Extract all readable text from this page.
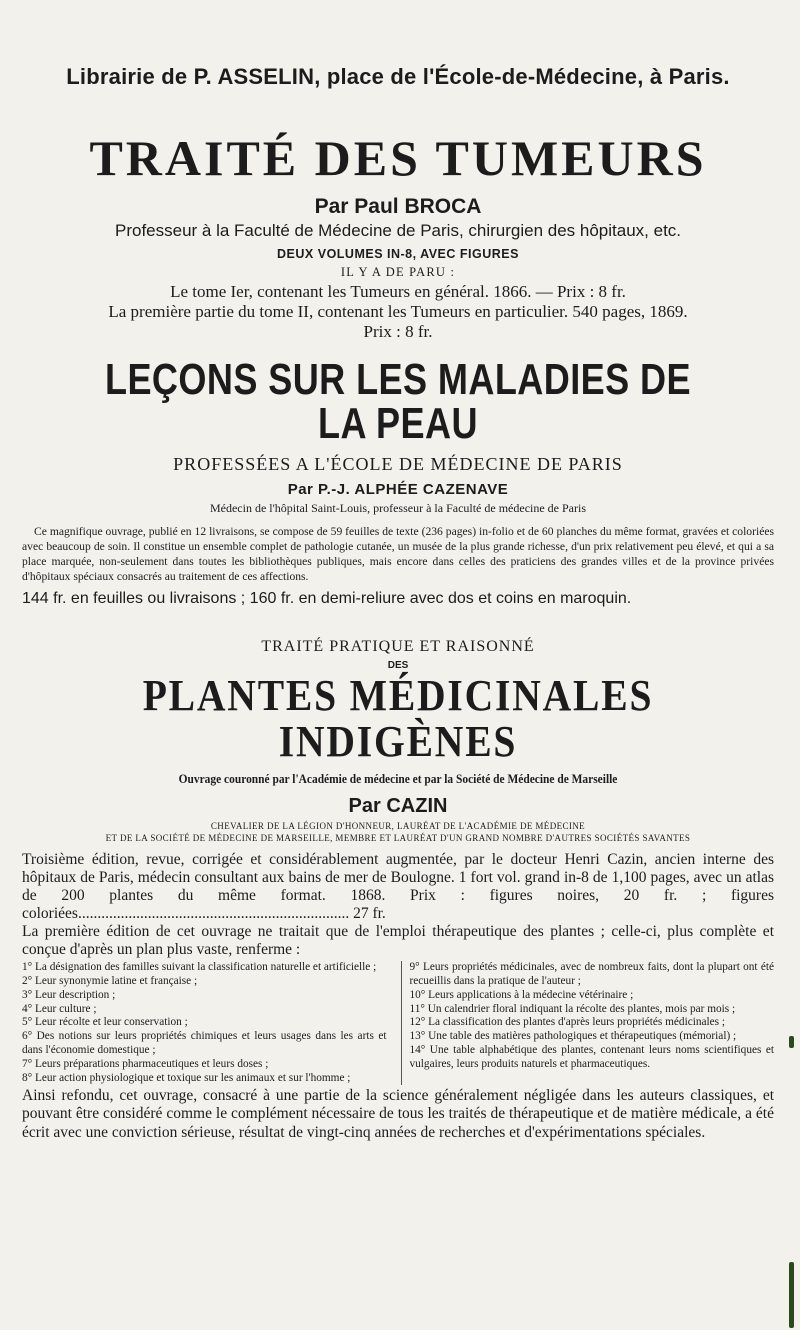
Librairie de P. ASSELIN, place de l'École-de-Médecine, à Paris.
TRAITÉ DES TUMEURS

Par Paul BROCA

Professeur à la Faculté de Médecine de Paris, chirurgien des hôpitaux, etc.

DEUX VOLUMES IN-8, AVEC FIGURES

IL Y A DE PARU :

Le tome Ier, contenant les Tumeurs en général. 1866. — Prix : 8 fr.

La première partie du tome II, contenant les Tumeurs en particulier. 540 pages, 1869.

Prix : 8 fr.

LEÇONS SUR LES MALADIES DE LA PEAU

PROFESSÉES A L'ÉCOLE DE MÉDECINE DE PARIS

Par P.-J. ALPHÉE CAZENAVE

Médecin de l'hôpital Saint-Louis, professeur à la Faculté de médecine de Paris

Ce magnifique ouvrage, publié en 12 livraisons, se compose de 59 feuilles de texte (236 pages) in-folio et de 60 planches du même format, gravées et coloriées avec beaucoup de soin. Il constitue un ensemble complet de pathologie cutanée, un musée de la plus grande richesse, d'un prix relativement peu élevé, et qui a sa place marquée, non-seulement dans toutes les bibliothèques publiques, mais encore dans celles des praticiens des grandes villes et de la province privées d'hôpitaux spéciaux consacrés au traitement de ces affections.

144 fr. en feuilles ou livraisons ; 160 fr. en demi-reliure avec dos et coins en maroquin.

TRAITÉ PRATIQUE ET RAISONNÉ

DES

PLANTES MÉDICINALES INDIGÈNES

Ouvrage couronné par l'Académie de médecine et par la Société de Médecine de Marseille

Par CAZIN

CHEVALIER DE LA LÉGION D'HONNEUR, LAURÉAT DE L'ACADÉMIE DE MÉDECINE
ET DE LA SOCIÉTÉ DE MÉDECINE DE MARSEILLE, MEMBRE ET LAURÉAT D'UN GRAND NOMBRE D'AUTRES SOCIÉTÉS SAVANTES

Troisième édition, revue, corrigée et considérablement augmentée, par le docteur Henri Cazin, ancien interne des hôpitaux de Paris, médecin consultant aux bains de mer de Boulogne. 1 fort vol. grand in-8 de 1,100 pages, avec un atlas de 200 plantes du même format. 1868. Prix : figures noires, 20 fr. ; figures coloriées...................................................................... 27 fr.

La première édition de cet ouvrage ne traitait que de l'emploi thérapeutique des plantes ; celle-ci, plus complète et conçue d'après un plan plus vaste, renferme :

1° La désignation des familles suivant la classification naturelle et artificielle ;

2° Leur synonymie latine et française ;

3° Leur description ;

4° Leur culture ;

5° Leur récolte et leur conservation ;

6° Des notions sur leurs propriétés chimiques et leurs usages dans les arts et dans l'économie domestique ;

7° Leurs préparations pharmaceutiques et leurs doses ;

8° Leur action physiologique et toxique sur les animaux et sur l'homme ;

9° Leurs propriétés médicinales, avec de nombreux faits, dont la plupart ont été recueillis dans la pratique de l'auteur ;

10° Leurs applications à la médecine vétérinaire ;

11° Un calendrier floral indiquant la récolte des plantes, mois par mois ;

12° La classification des plantes d'après leurs propriétés médicinales ;

13° Une table des matières pathologiques et thérapeutiques (mémorial) ;

14° Une table alphabétique des plantes, contenant leurs noms scientifiques et vulgaires, leurs produits naturels et pharmaceutiques.

Ainsi refondu, cet ouvrage, consacré à une partie de la science généralement négligée dans les auteurs classiques, et pouvant être considéré comme le complément nécessaire de tous les traités de thérapeutique et de matière médicale, a été écrit avec une conviction sérieuse, résultat de vingt-cinq années de recherches et d'expérimentations spéciales.
